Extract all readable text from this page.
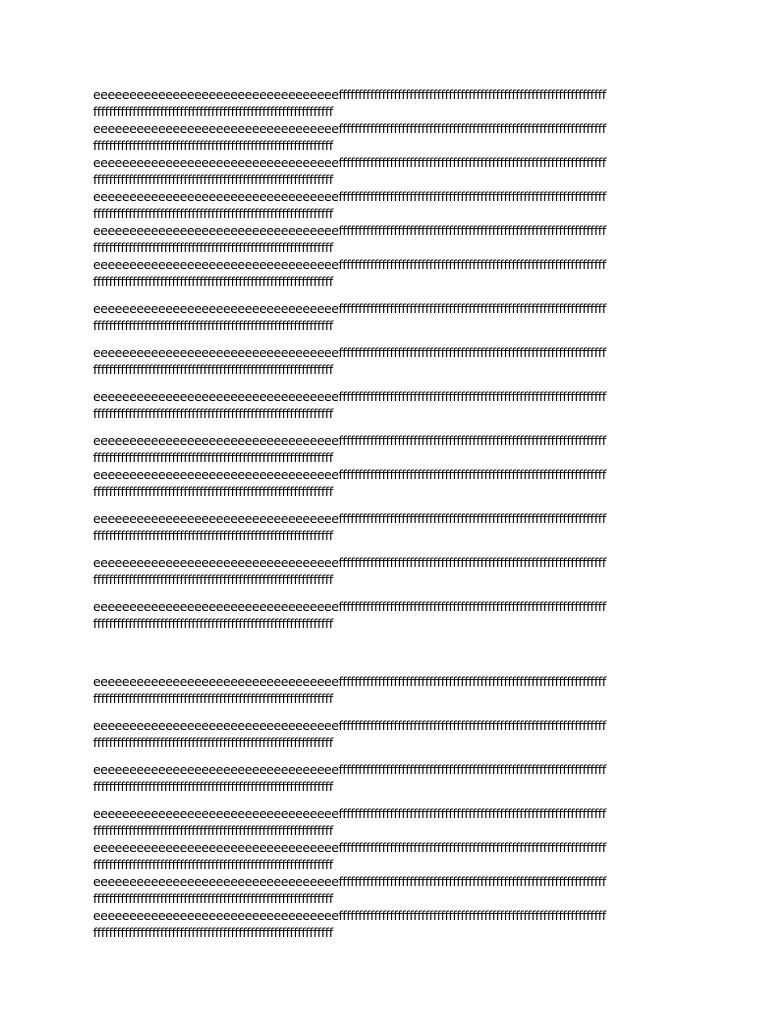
eeeeeeeeeeeeeeeeeeeeeeeeeeeeeeeeeeffffffffffffffffffffffffffffffffffffffffffffffffffffffffffffffffffff
fffffffffffffffffffffffffffffffffffffffffffffffffffffffffffff

eeeeeeeeeeeeeeeeeeeeeeeeeeeeeeeeeeffffffffffffffffffffffffffffffffffffffffffffffffffffffffffffffffffff
fffffffffffffffffffffffffffffffffffffffffffffffffffffffffffff

eeeeeeeeeeeeeeeeeeeeeeeeeeeeeeeeeeffffffffffffffffffffffffffffffffffffffffffffffffffffffffffffffffffff
fffffffffffffffffffffffffffffffffffffffffffffffffffffffffffff

eeeeeeeeeeeeeeeeeeeeeeeeeeeeeeeeeeffffffffffffffffffffffffffffffffffffffffffffffffffffffffffffffffffff
fffffffffffffffffffffffffffffffffffffffffffffffffffffffffffff

eeeeeeeeeeeeeeeeeeeeeeeeeeeeeeeeeeffffffffffffffffffffffffffffffffffffffffffffffffffffffffffffffffffff
fffffffffffffffffffffffffffffffffffffffffffffffffffffffffffff

eeeeeeeeeeeeeeeeeeeeeeeeeeeeeeeeeeffffffffffffffffffffffffffffffffffffffffffffffffffffffffffffffffffff
fffffffffffffffffffffffffffffffffffffffffffffffffffffffffffff

eeeeeeeeeeeeeeeeeeeeeeeeeeeeeeeeeeffffffffffffffffffffffffffffffffffffffffffffffffffffffffffffffffffff
fffffffffffffffffffffffffffffffffffffffffffffffffffffffffffff

eeeeeeeeeeeeeeeeeeeeeeeeeeeeeeeeeeffffffffffffffffffffffffffffffffffffffffffffffffffffffffffffffffffff
fffffffffffffffffffffffffffffffffffffffffffffffffffffffffffff

eeeeeeeeeeeeeeeeeeeeeeeeeeeeeeeeeeffffffffffffffffffffffffffffffffffffffffffffffffffffffffffffffffffff
fffffffffffffffffffffffffffffffffffffffffffffffffffffffffffff

eeeeeeeeeeeeeeeeeeeeeeeeeeeeeeeeeeffffffffffffffffffffffffffffffffffffffffffffffffffffffffffffffffffff
fffffffffffffffffffffffffffffffffffffffffffffffffffffffffffff

eeeeeeeeeeeeeeeeeeeeeeeeeeeeeeeeeeffffffffffffffffffffffffffffffffffffffffffffffffffffffffffffffffffff
fffffffffffffffffffffffffffffffffffffffffffffffffffffffffffff

eeeeeeeeeeeeeeeeeeeeeeeeeeeeeeeeeeffffffffffffffffffffffffffffffffffffffffffffffffffffffffffffffffffff
fffffffffffffffffffffffffffffffffffffffffffffffffffffffffffff

eeeeeeeeeeeeeeeeeeeeeeeeeeeeeeeeeeffffffffffffffffffffffffffffffffffffffffffffffffffffffffffffffffffff
fffffffffffffffffffffffffffffffffffffffffffffffffffffffffffff

eeeeeeeeeeeeeeeeeeeeeeeeeeeeeeeeeeffffffffffffffffffffffffffffffffffffffffffffffffffffffffffffffffffff
fffffffffffffffffffffffffffffffffffffffffffffffffffffffffffff

eeeeeeeeeeeeeeeeeeeeeeeeeeeeeeeeeeffffffffffffffffffffffffffffffffffffffffffffffffffffffffffffffffffff
fffffffffffffffffffffffffffffffffffffffffffffffffffffffffffff

eeeeeeeeeeeeeeeeeeeeeeeeeeeeeeeeeeffffffffffffffffffffffffffffffffffffffffffffffffffffffffffffffffffff
fffffffffffffffffffffffffffffffffffffffffffffffffffffffffffff

eeeeeeeeeeeeeeeeeeeeeeeeeeeeeeeeeeffffffffffffffffffffffffffffffffffffffffffffffffffffffffffffffffffff
fffffffffffffffffffffffffffffffffffffffffffffffffffffffffffff

eeeeeeeeeeeeeeeeeeeeeeeeeeeeeeeeeeffffffffffffffffffffffffffffffffffffffffffffffffffffffffffffffffffff
fffffffffffffffffffffffffffffffffffffffffffffffffffffffffffff

eeeeeeeeeeeeeeeeeeeeeeeeeeeeeeeeeeffffffffffffffffffffffffffffffffffffffffffffffffffffffffffffffffffff
fffffffffffffffffffffffffffffffffffffffffffffffffffffffffffff

eeeeeeeeeeeeeeeeeeeeeeeeeeeeeeeeeeffffffffffffffffffffffffffffffffffffffffffffffffffffffffffffffffffff
fffffffffffffffffffffffffffffffffffffffffffffffffffffffffffff

eeeeeeeeeeeeeeeeeeeeeeeeeeeeeeeeeeffffffffffffffffffffffffffffffffffffffffffffffffffffffffffffffffffff
fffffffffffffffffffffffffffffffffffffffffffffffffffffffffffff
